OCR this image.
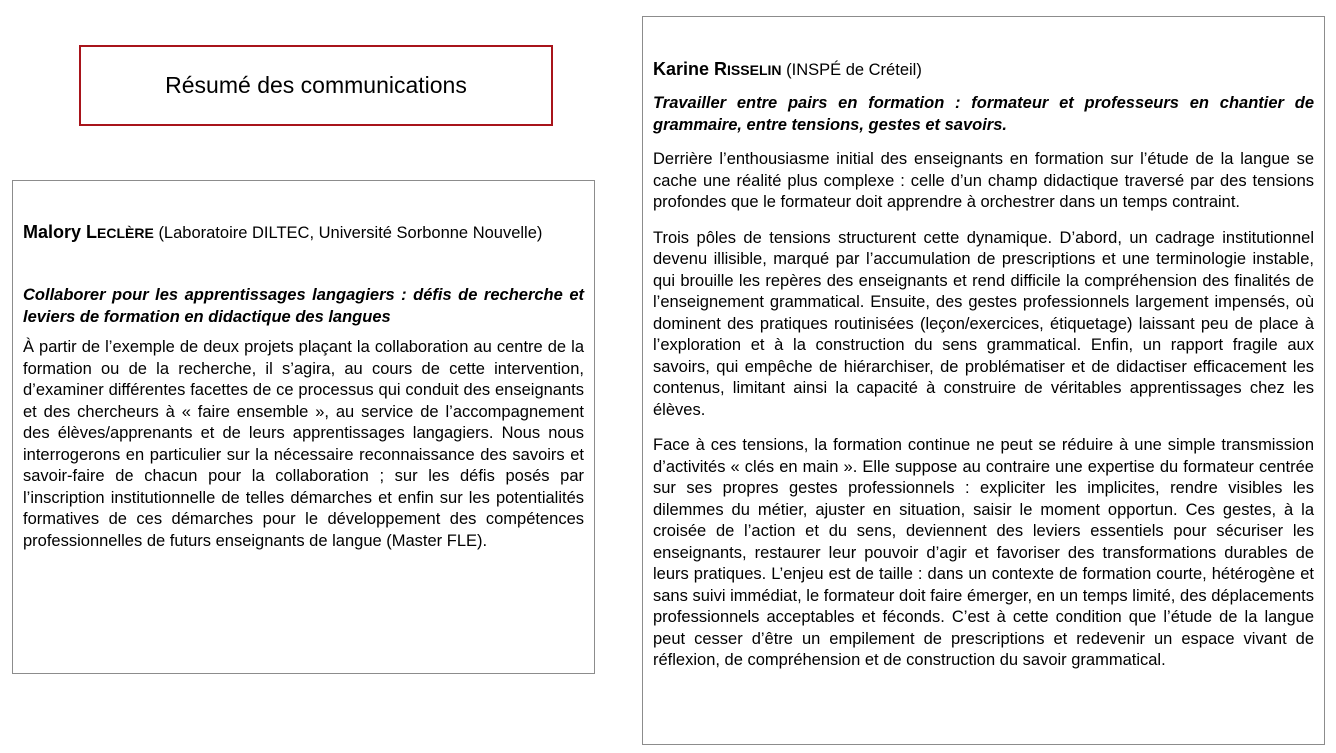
Résumé des communications
Malory LECLÈRE (Laboratoire DILTEC, Université Sorbonne Nouvelle)
Collaborer pour les apprentissages langagiers : défis de recherche et leviers de formation en didactique des langues
À partir de l’exemple de deux projets plaçant la collaboration au centre de la formation ou de la recherche, il s’agira, au cours de cette intervention, d’examiner différentes facettes de ce processus qui conduit des enseignants et des chercheurs à « faire ensemble », au service de l’accompagnement des élèves/apprenants et de leurs apprentissages langagiers. Nous nous interrogerons en particulier sur la nécessaire reconnaissance des savoirs et savoir-faire de chacun pour la collaboration ; sur les défis posés par l’inscription institutionnelle de telles démarches et enfin sur les potentialités formatives de ces démarches pour le développement des compétences professionnelles de futurs enseignants de langue (Master FLE).
Karine RISSELIN (INSPÉ de Créteil)
Travailler entre pairs en formation : formateur et professeurs en chantier de grammaire, entre tensions, gestes et savoirs.
Derrière l’enthousiasme initial des enseignants en formation sur l’étude de la langue se cache une réalité plus complexe : celle d’un champ didactique traversé par des tensions profondes que le formateur doit apprendre à orchestrer dans un temps contraint.
Trois pôles de tensions structurent cette dynamique. D’abord, un cadrage institutionnel devenu illisible, marqué par l’accumulation de prescriptions et une terminologie instable, qui brouille les repères des enseignants et rend difficile la compréhension des finalités de l’enseignement grammatical. Ensuite, des gestes professionnels largement impensés, où dominent des pratiques routinisées (leçon/exercices, étiquetage) laissant peu de place à l’exploration et à la construction du sens grammatical. Enfin, un rapport fragile aux savoirs, qui empêche de hiérarchiser, de problématiser et de didactiser efficacement les contenus, limitant ainsi la capacité à construire de véritables apprentissages chez les élèves.
Face à ces tensions, la formation continue ne peut se réduire à une simple transmission d’activités « clés en main ». Elle suppose au contraire une expertise du formateur centrée sur ses propres gestes professionnels : expliciter les implicites, rendre visibles les dilemmes du métier, ajuster en situation, saisir le moment opportun. Ces gestes, à la croisée de l’action et du sens, deviennent des leviers essentiels pour sécuriser les enseignants, restaurer leur pouvoir d’agir et favoriser des transformations durables de leurs pratiques. L’enjeu est de taille : dans un contexte de formation courte, hétérogène et sans suivi immédiat, le formateur doit faire émerger, en un temps limité, des déplacements professionnels acceptables et féconds. C’est à cette condition que l’étude de la langue peut cesser d’être un empilement de prescriptions et redevenir un espace vivant de réflexion, de compréhension et de construction du savoir grammatical.
